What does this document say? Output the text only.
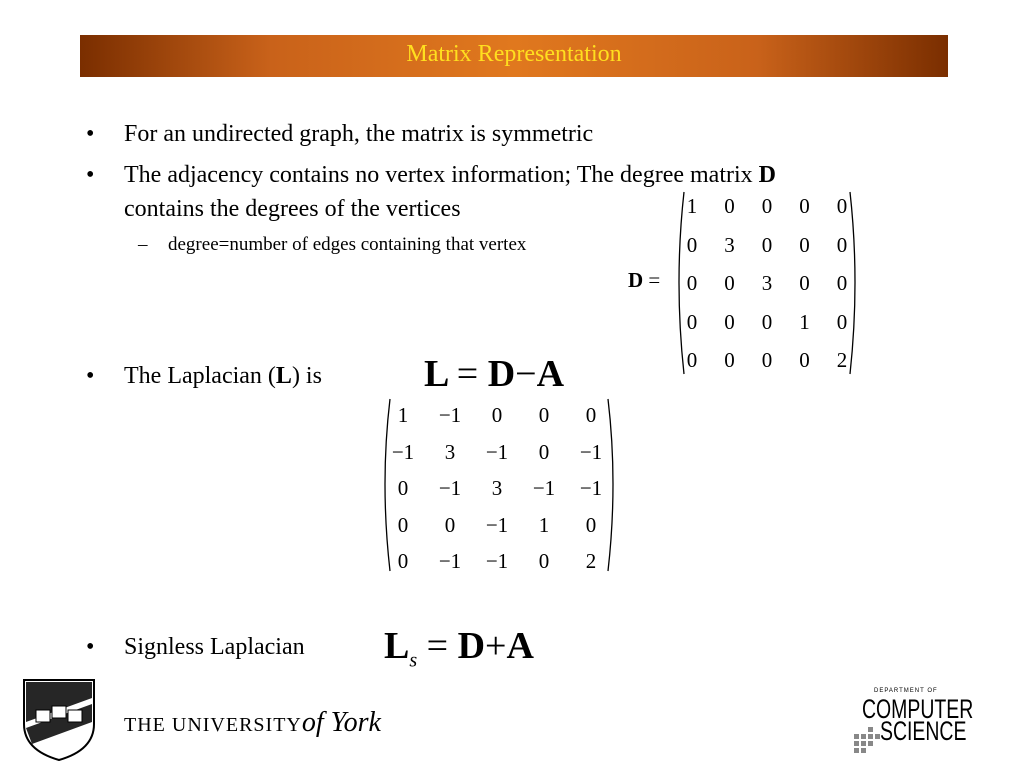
Matrix Representation
• For an undirected graph, the matrix is symmetric
• The adjacency contains no vertex information; The degree matrix D
contains the degrees of the vertices
– degree=number of edges containing that vertex
D =
1	0	0	0	0
0	3	0	0	0
0	0	3	0	0
0	0	0	1	0
0	0	0	0	2
• The Laplacian (L) is	L = D−A
1	−1	0	0	0
−1	3	−1	0	−1
0	−1	3	−1	−1
0	0	−1	1	0
0	−1	−1	0	2
• Signless Laplacian $L_s = D+A$
THE UNIVERSITYof York
DEPARTMENT OF
COMPUTER
SCIENCE
